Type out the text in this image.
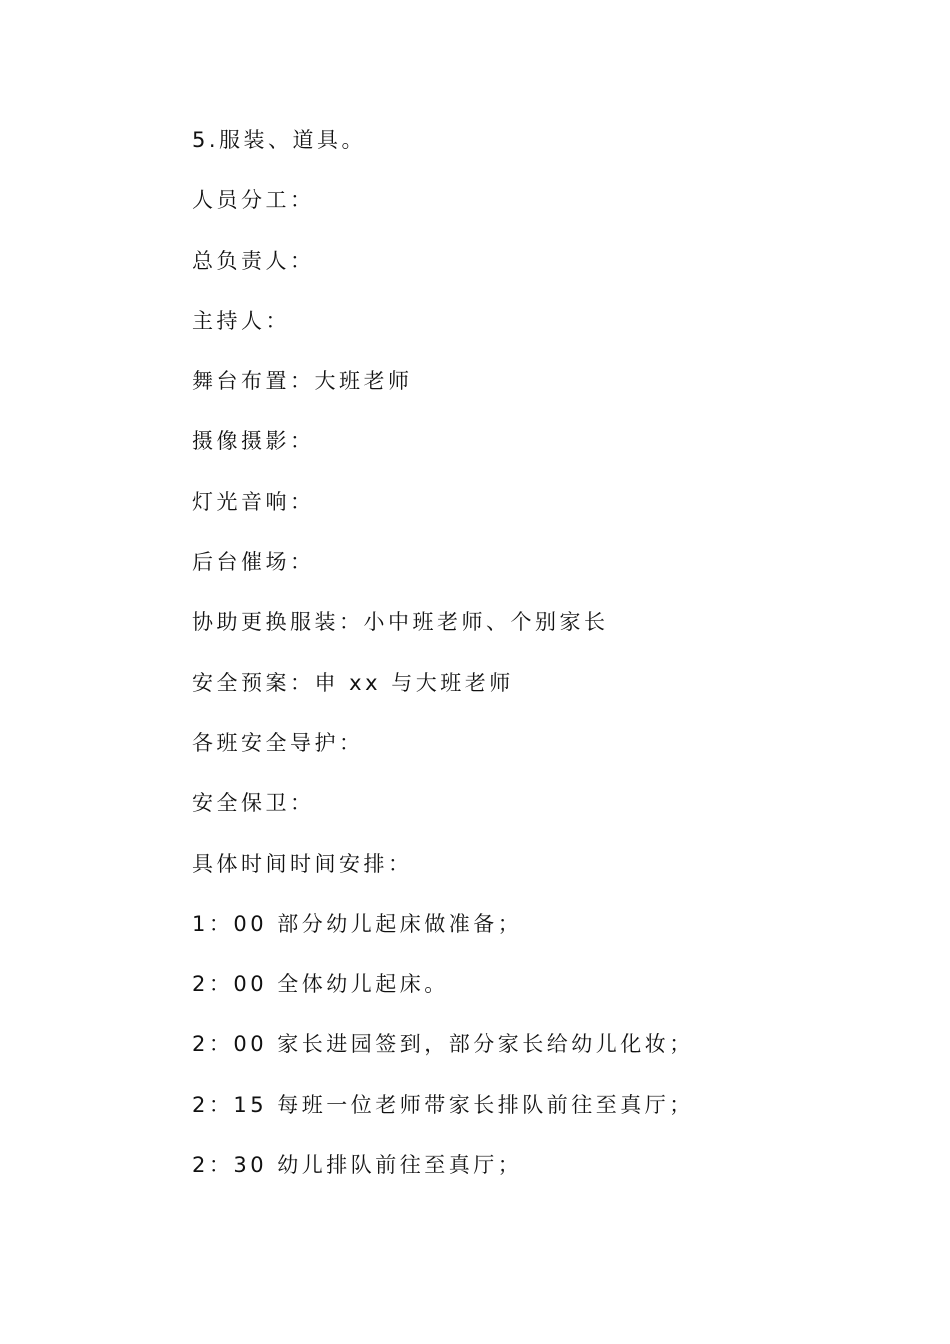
5.服装、道具。
人员分工：
总负责人：
主持人：
舞台布置：大班老师
摄像摄影：
灯光音响：
后台催场：
协助更换服装：小中班老师、个别家长
安全预案：申 xx 与大班老师
各班安全导护：
安全保卫：
具体时间时间安排：
1：00 部分幼儿起床做准备；
2：00 全体幼儿起床。
2：00 家长进园签到，部分家长给幼儿化妆；
2：15 每班一位老师带家长排队前往至真厅；
2：30 幼儿排队前往至真厅；
